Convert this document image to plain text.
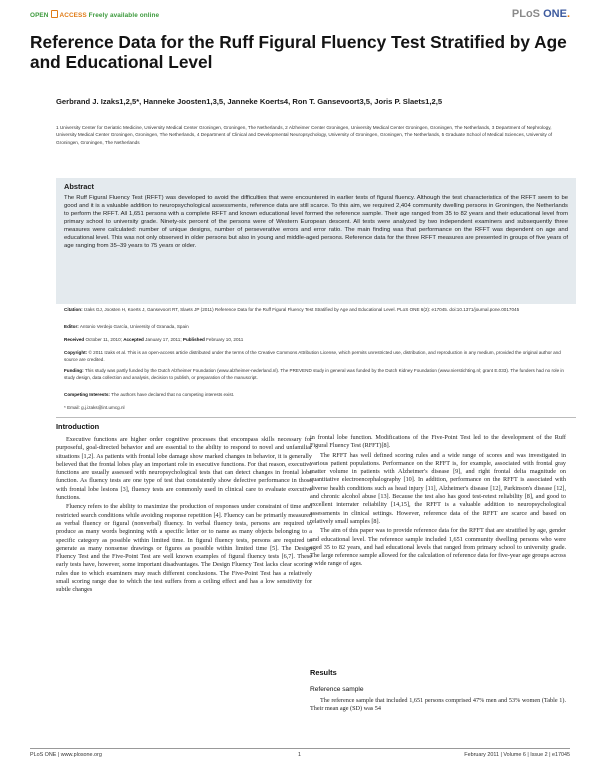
OPEN ACCESS Freely available online	PLoS ONE.
Reference Data for the Ruff Figural Fluency Test Stratified by Age and Educational Level
Gerbrand J. Izaks1,2,5*, Hanneke Joosten1,3,5, Janneke Koerts4, Ron T. Gansevoort3,5, Joris P. Slaets1,2,5
1 University Center for Geriatric Medicine, University Medical Center Groningen, Groningen, The Netherlands, 2 Alzheimer Center Groningen, University Medical Center Groningen, Groningen, The Netherlands, 3 Department of Nephrology, University Medical Center Groningen, Groningen, The Netherlands, 4 Department of Clinical and Developmental Neuropsychology, University of Groningen, Groningen, The Netherlands, 5 Graduate School of Medical Sciences, University of Groningen, Groningen, The Netherlands
Abstract
The Ruff Figural Fluency Test (RFFT) was developed to avoid the difficulties that were encountered in earlier tests of figural fluency. Although the test characteristics of the RFFT seem to be good and it is a valuable addition to neuropsychological assessments, reference data are still scarce. To this aim, we required 2,404 community dwelling persons in Groningen, the Netherlands to perform the RFFT. All 1,651 persons with a complete RFFT and known educational level formed the reference sample. Their age ranged from 35 to 82 years and their educational level from primary school to university grade. Ninety-six percent of the persons were of Western European descent. All tests were analyzed by two independent examiners and subsequently three measures were calculated: number of unique designs, number of perseverative errors and error ratio. The main finding was that performance on the RFFT was dependent on age and educational level. This was not only observed in older persons but also in young and middle-aged persons. Reference data for the three RFFT measures are presented in groups of five years of age ranging from 35–39 years to 75 years or older.
Citation: Izaks GJ, Joosten H, Koerts J, Gansevoort RT, Slaets JP (2011) Reference Data for the Ruff Figural Fluency Test Stratified by Age and Educational Level. PLoS ONE 6(2): e17045. doi:10.1371/journal.pone.0017045
Editor: Antonio Verdejo García, University of Granada, Spain
Received October 11, 2010; Accepted January 17, 2011; Published February 10, 2011
Copyright: © 2011 Izaks et al. This is an open-access article distributed under the terms of the Creative Commons Attribution License, which permits unrestricted use, distribution, and reproduction in any medium, provided the original author and source are credited.
Funding: This study was partly funded by the Dutch Alzheimer Foundation (www.alzheimer-nederland.nl). The PREVEND study in general was funded by the Dutch Kidney Foundation (www.nierstichting.nl; grant E.033). The funders had no role in study design, data collection and analysis, decision to publish, or preparation of the manuscript.
Competing Interests: The authors have declared that no competing interests exist.
* Email: g.j.izaks@int.umcg.nl
Introduction

Executive functions are higher order cognitive processes that encompass skills necessary for purposeful, goal-directed behavior and are essential to the ability to respond to novel and unfamiliar situations [1,2]. As patients with frontal lobe damage show marked changes in behavior, it is generally believed that the frontal lobes play an important role in executive functions. For that reason, executive functions are usually assessed with neuropsychological tests that can detect changes in frontal lobe function. As fluency tests are one type of test that consistently show defective performance in those with frontal lobe lesions [3], fluency tests are commonly used in clinical care to evaluate executive functions.

Fluency refers to the ability to maximize the production of responses under constraint of time and restricted search conditions while avoiding response repetition [4]. Fluency can be primarily measured as verbal fluency or figural (nonverbal) fluency. In verbal fluency tests, persons are required to produce as many words beginning with a specific letter or to name as many objects belonging to a specific category as possible within limited time. In figural fluency tests, persons are required to generate as many nonsense drawings or figures as possible within limited time [5]. The Design Fluency Test and the Five-Point Test are well known examples of figural fluency tests [6,7]. These early tests have, however, some important disadvantages. The Design Fluency Test lacks clear scoring rules due to which examiners may reach different conclusions. The Five-Point Test has a relatively small scoring range due to which the test suffers from a ceiling effect and has a low sensitivity for subtle changes

in frontal lobe function. Modifications of the Five-Point Test led to the development of the Ruff Figural Fluency Test (RFFT)[8].

The RFFT has well defined scoring rules and a wide range of scores and was investigated in various patient populations. Performance on the RFFT is, for example, associated with frontal gray matter volume in patients with Alzheimer's disease [9], and right frontal delta magnitude on quantitative electroencephalography [10]. In addition, performance on the RFFT is associated with diverse health conditions such as head injury [11], Alzheimer's disease [12], Parkinson's disease [12], and chronic alcohol abuse [13]. Because the test also has good test-retest reliability [8], and good to excellent interrater reliability [14,15], the RFFT is a valuable addition to neuropsychological assessments in clinical settings. However, reference data of the RFFT are scarce and based on relatively small samples [8].

The aim of this paper was to provide reference data for the RFFT that are stratified by age, gender and educational level. The reference sample included 1,651 community dwelling persons who were aged 35 to 82 years, and had educational levels that ranged from primary school to university grade. The large reference sample allowed for the calculation of reference data for five-year age groups across a wide range of ages.

Results
Reference sample

The reference sample that included 1,651 persons comprised 47% men and 53% women (Table 1). Their mean age (SD) was 54

PLoS ONE | www.plosone.org	1	February 2011 | Volume 6 | Issue 2 | e17045
